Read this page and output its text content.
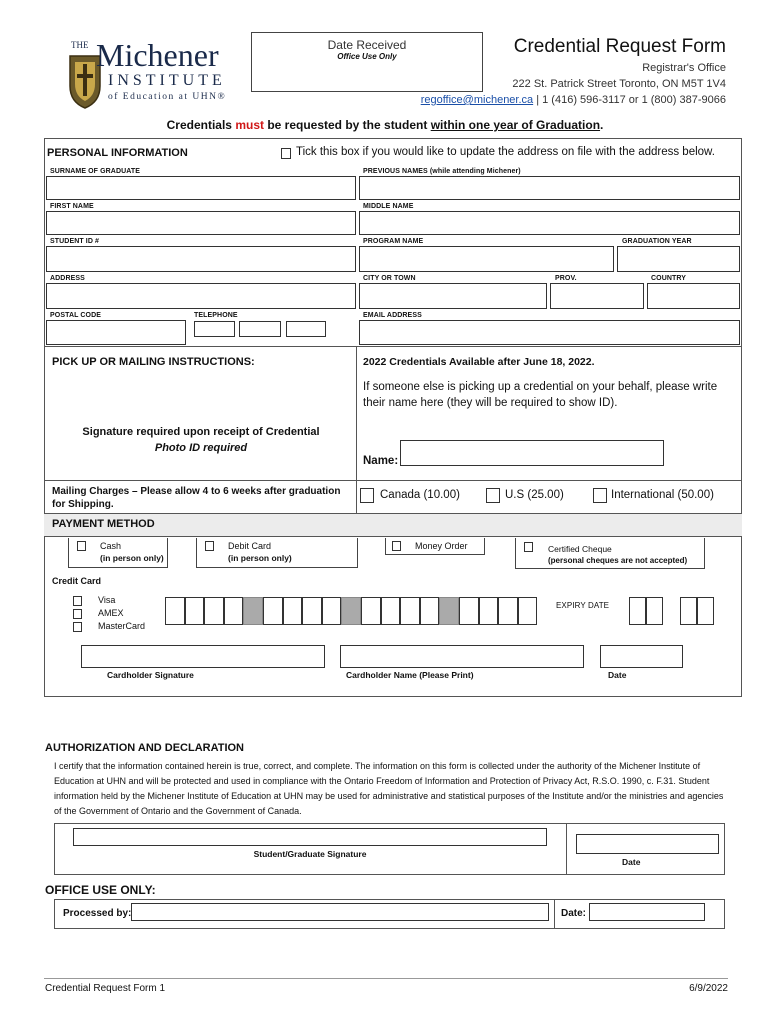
THE Michener
INSTITUTE
of Education at UHN®
Date Received
Office Use Only	Credential Request Form
Registrar's Office
222 St. Patrick Street Toronto, ON M5T 1V4
regoffice@michener.ca | 1 (416) 596-3117 or 1 (800) 387-9066
Credentials must be requested by the student within one year of Graduation.
PERSONAL INFORMATION	Tick this box if you would like to update the address on file with the address below.
SURNAME OF GRADUATE	PREVIOUS NAMES (while attending Michener)
FIRST NAME	MIDDLE NAME
STUDENT ID #	PROGRAM NAME	GRADUATION YEAR
ADDRESS	CITY OR TOWN	PROV.	COUNTRY
POSTAL CODE	TELEPHONE	EMAIL ADDRESS
PICK UP OR MAILING INSTRUCTIONS:
Signature required upon receipt of Credential
Photo ID required
2022 Credentials Available after June 18, 2022.
If someone else is picking up a credential on your behalf, please write their name here (they will be required to show ID).
Name:
Mailing Charges – Please allow 4 to 6 weeks after graduation for Shipping.
Canada (10.00)	U.S (25.00)	International (50.00)
PAYMENT METHOD
Cash
(in person only)
Debit Card
(in person only)
Money Order	Certified Cheque
(personal cheques are not accepted)
Credit Card
Visa
AMEX
MasterCard
EXPIRY DATE
Cardholder Signature	Cardholder Name (Please Print)	Date
AUTHORIZATION AND DECLARATION
I certify that the information contained herein is true, correct, and complete. The information on this form is collected under the authority of the Michener Institute of Education at UHN and will be protected and used in compliance with the Ontario Freedom of Information and Protection of Privacy Act, R.S.O. 1990, c. F.31. Student information held by the Michener Institute of Education at UHN may be used for administrative and statistical purposes of the Institute and/or the ministries and agencies of the Government of Ontario and the Government of Canada.
Student/Graduate Signature
Date
OFFICE USE ONLY:
Processed by:	Date:
Credential Request Form 1	6/9/2022
